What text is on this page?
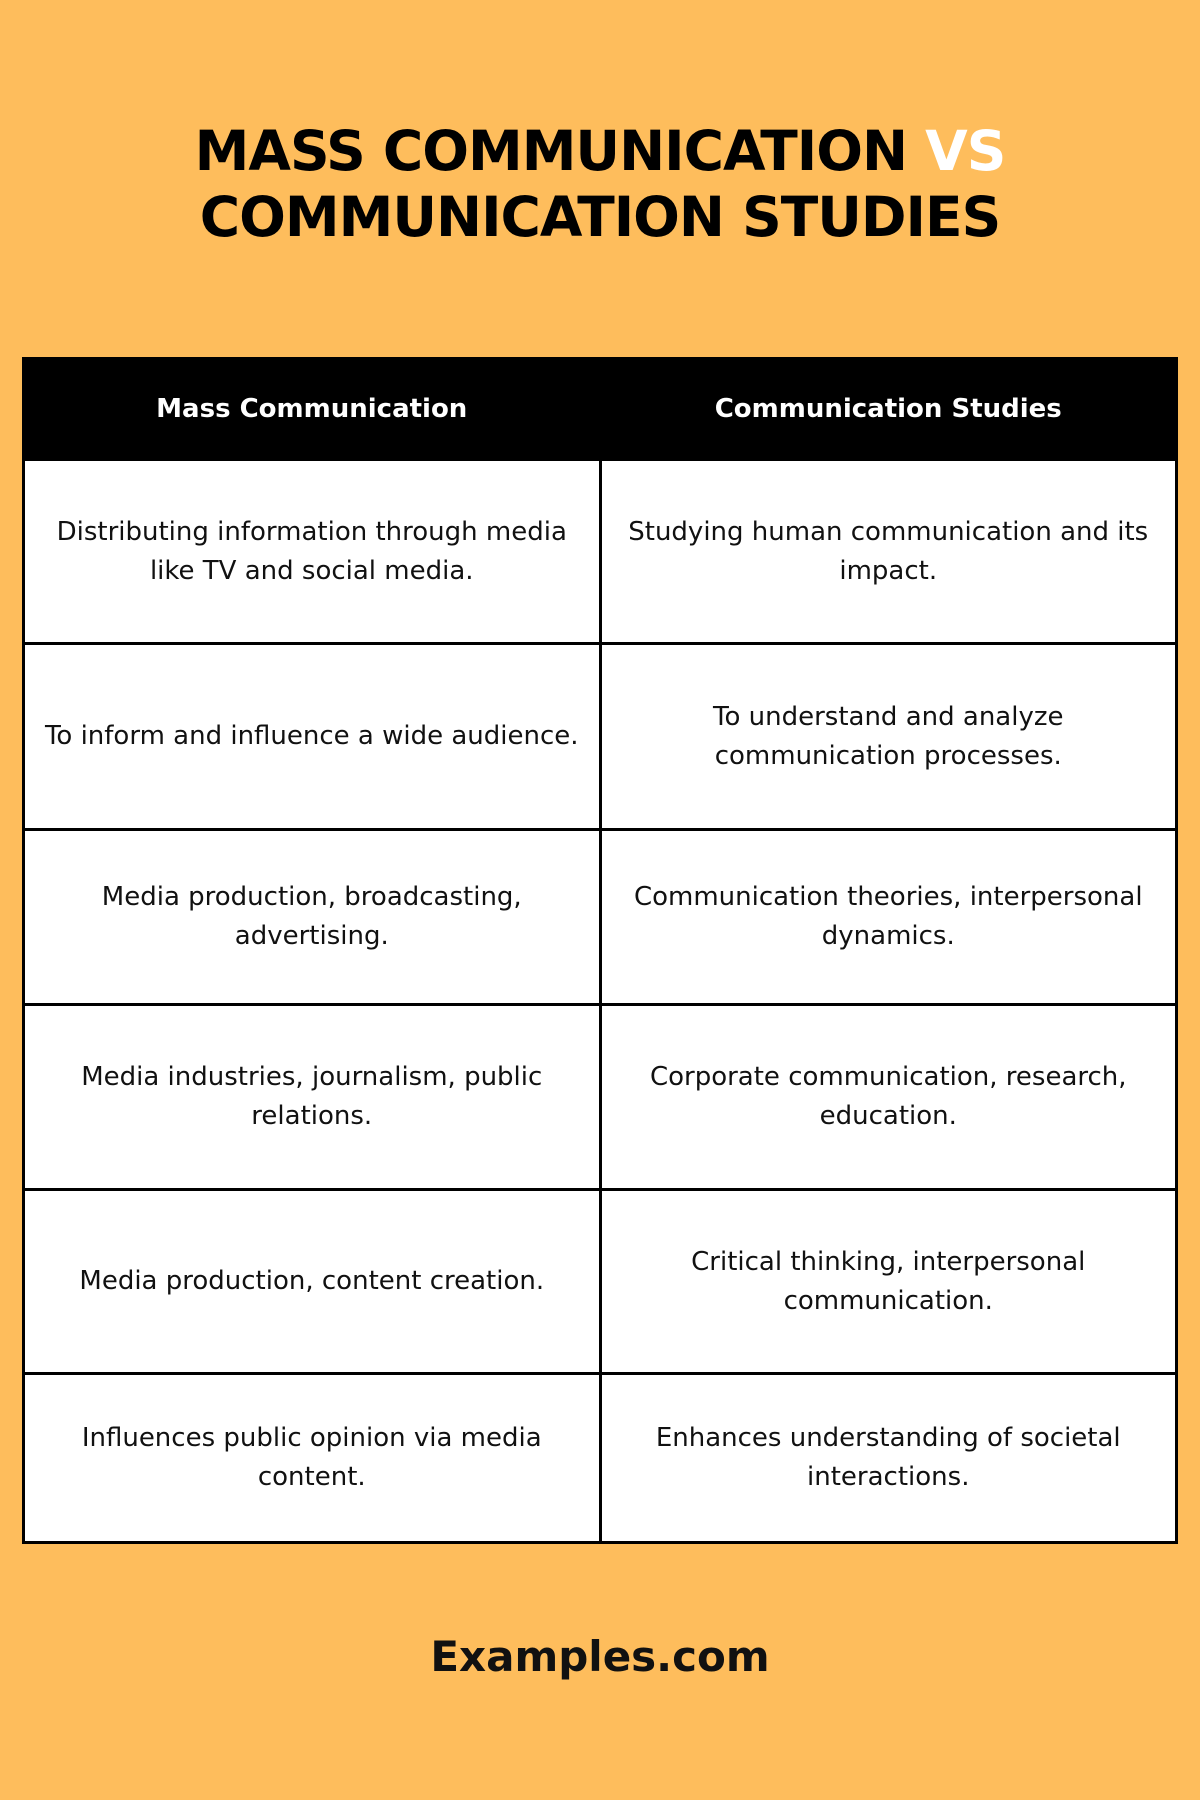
MASS COMMUNICATION VS
COMMUNICATION STUDIES
Mass Communication	Communication Studies
Distributing information through media like TV and social media.	Studying human communication and its impact.
To inform and influence a wide audience.	To understand and analyze communication processes.
Media production, broadcasting, advertising.	Communication theories, interpersonal dynamics.
Media industries, journalism, public relations.	Corporate communication, research, education.
Media production, content creation.	Critical thinking, interpersonal communication.
Influences public opinion via media content.	Enhances understanding of societal interactions.
Examples.com
